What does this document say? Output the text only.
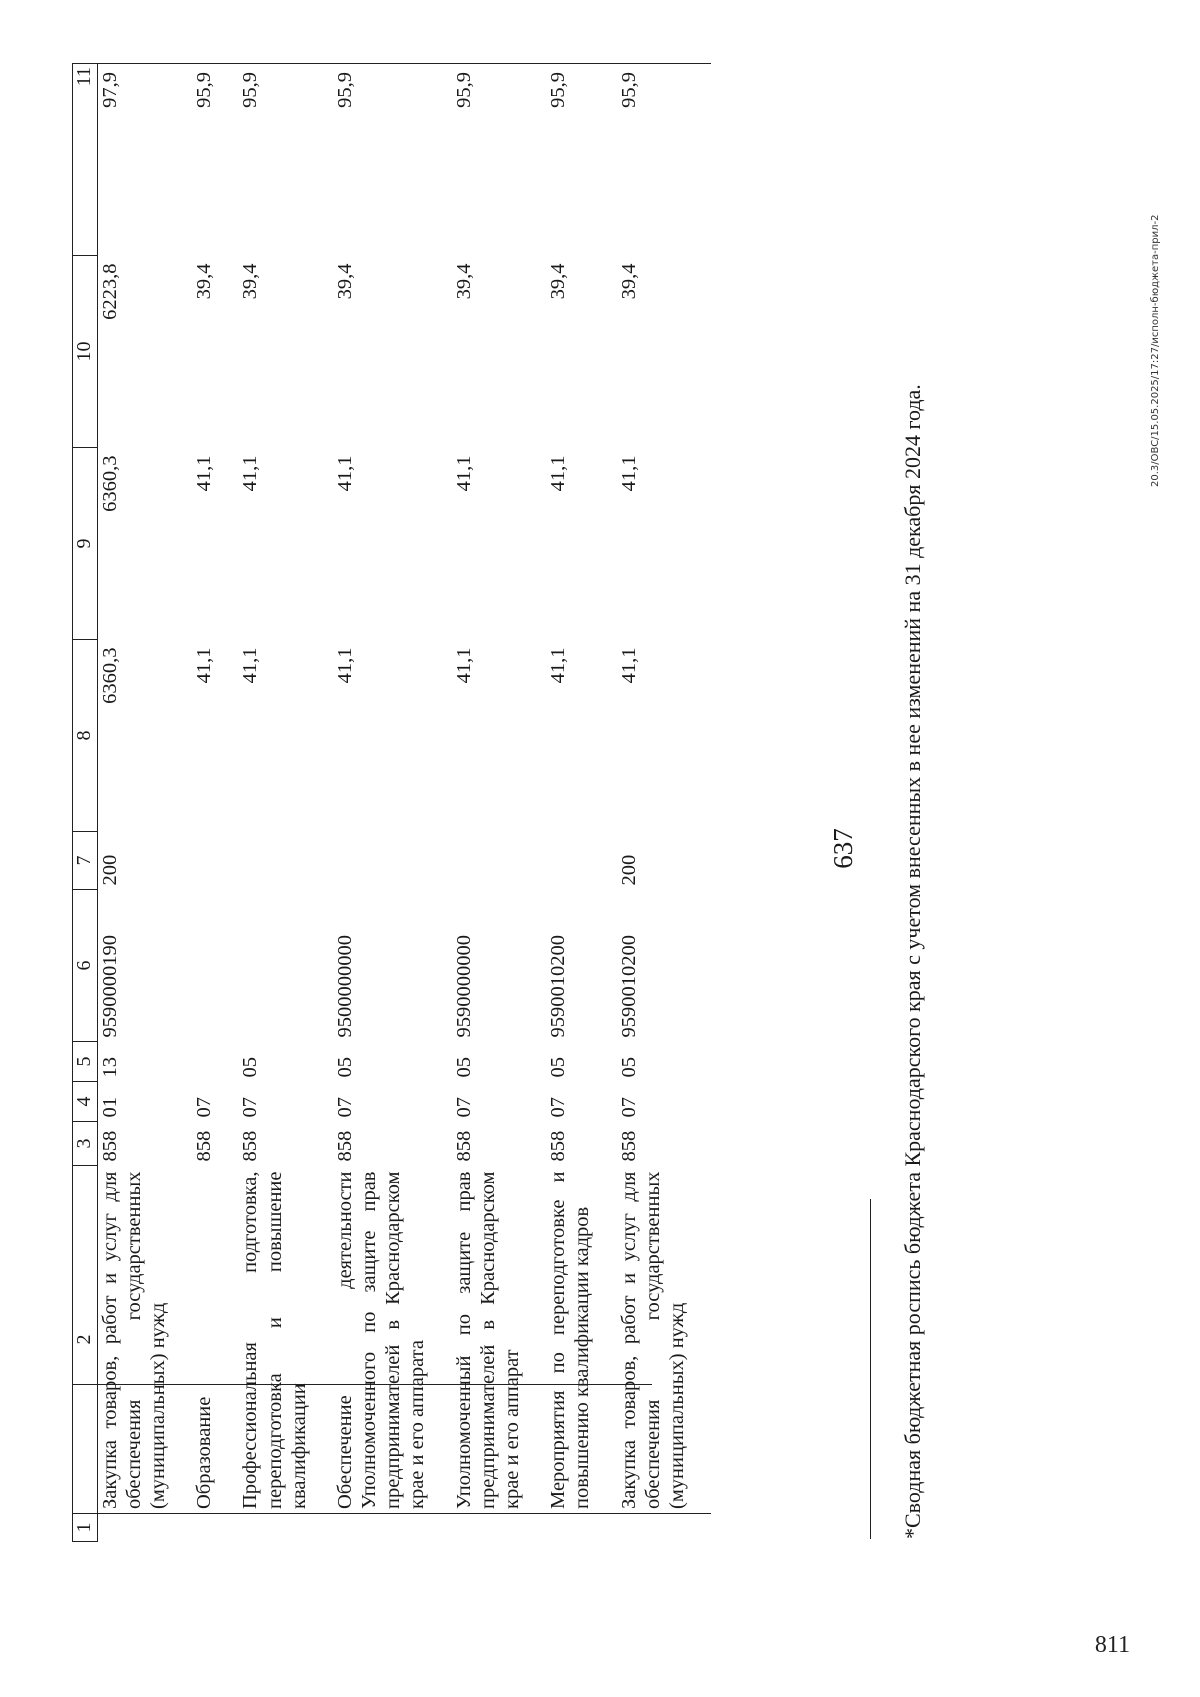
637
1	2	3	4	5	6	7	8	9	10	11
	Закупка товаров, работ и услуг для обеспечения государственных (муниципальных) нужд	858	01	13	9590000190	200	6360,3	6360,3	6223,8	97,9
	Образование	858	07				41,1	41,1	39,4	95,9
	Профессиональная подготовка, переподготовка и повышение квалификации	858	07	05			41,1	41,1	39,4	95,9
	Обеспечение деятельности Уполномоченного по защите прав предпринимателей в Краснодарском крае и его аппарата	858	07	05	9500000000		41,1	41,1	39,4	95,9
	Уполномоченный по защите прав предпринимателей в Краснодарском крае и его аппарат	858	07	05	9590000000		41,1	41,1	39,4	95,9
	Мероприятия по переподготовке и повышению квалификации кадров	858	07	05	9590010200		41,1	41,1	39,4	95,9
	Закупка товаров, работ и услуг для обеспечения государственных (муниципальных) нужд	858	07	05	9590010200	200	41,1	41,1	39,4	95,9
*Сводная бюджетная роспись бюджета Краснодарского края с учетом внесенных в нее изменений на 31 декабря 2024 года.
20.3/OBC/15.05.2025/17:27/исполн-бюджета-прил-2
811
